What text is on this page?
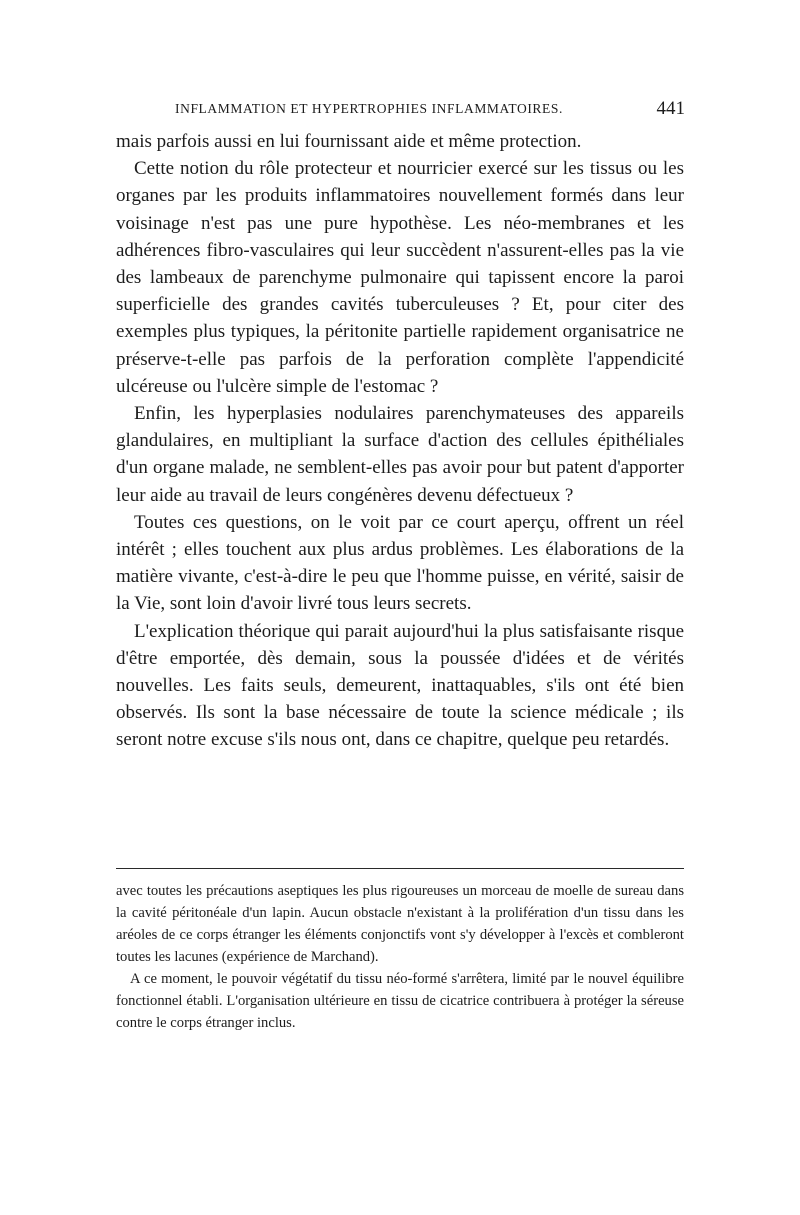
INFLAMMATION ET HYPERTROPHIES INFLAMMATOIRES.	441

mais parfois aussi en lui fournissant aide et même protection.

Cette notion du rôle protecteur et nourricier exercé sur les tissus ou les organes par les produits inflammatoires nouvellement formés dans leur voisinage n'est pas une pure hypothèse. Les néo-membranes et les adhérences fibro-vasculaires qui leur succèdent n'assurent-elles pas la vie des lambeaux de parenchyme pulmonaire qui tapissent encore la paroi superficielle des grandes cavités tuberculeuses ? Et, pour citer des exemples plus typiques, la péritonite partielle rapidement organisatrice ne préserve-t-elle pas parfois de la perforation complète l'appendicité ulcéreuse ou l'ulcère simple de l'estomac ?

Enfin, les hyperplasies nodulaires parenchymateuses des appareils glandulaires, en multipliant la surface d'action des cellules épithéliales d'un organe malade, ne semblent-elles pas avoir pour but patent d'apporter leur aide au travail de leurs congénères devenu défectueux ?

Toutes ces questions, on le voit par ce court aperçu, offrent un réel intérêt ; elles touchent aux plus ardus problèmes. Les élaborations de la matière vivante, c'est-à-dire le peu que l'homme puisse, en vérité, saisir de la Vie, sont loin d'avoir livré tous leurs secrets.

L'explication théorique qui parait aujourd'hui la plus satisfaisante risque d'être emportée, dès demain, sous la poussée d'idées et de vérités nouvelles. Les faits seuls, demeurent, inattaquables, s'ils ont été bien observés. Ils sont la base nécessaire de toute la science médicale ; ils seront notre excuse s'ils nous ont, dans ce chapitre, quelque peu retardés.

avec toutes les précautions aseptiques les plus rigoureuses un morceau de moelle de sureau dans la cavité péritonéale d'un lapin. Aucun obstacle n'existant à la prolifération d'un tissu dans les aréoles de ce corps étranger les éléments conjonctifs vont s'y développer à l'excès et combleront toutes les lacunes (expérience de Marchand).

A ce moment, le pouvoir végétatif du tissu néo-formé s'arrêtera, limité par le nouvel équilibre fonctionnel établi. L'organisation ultérieure en tissu de cicatrice contribuera à protéger la séreuse contre le corps étranger inclus.
